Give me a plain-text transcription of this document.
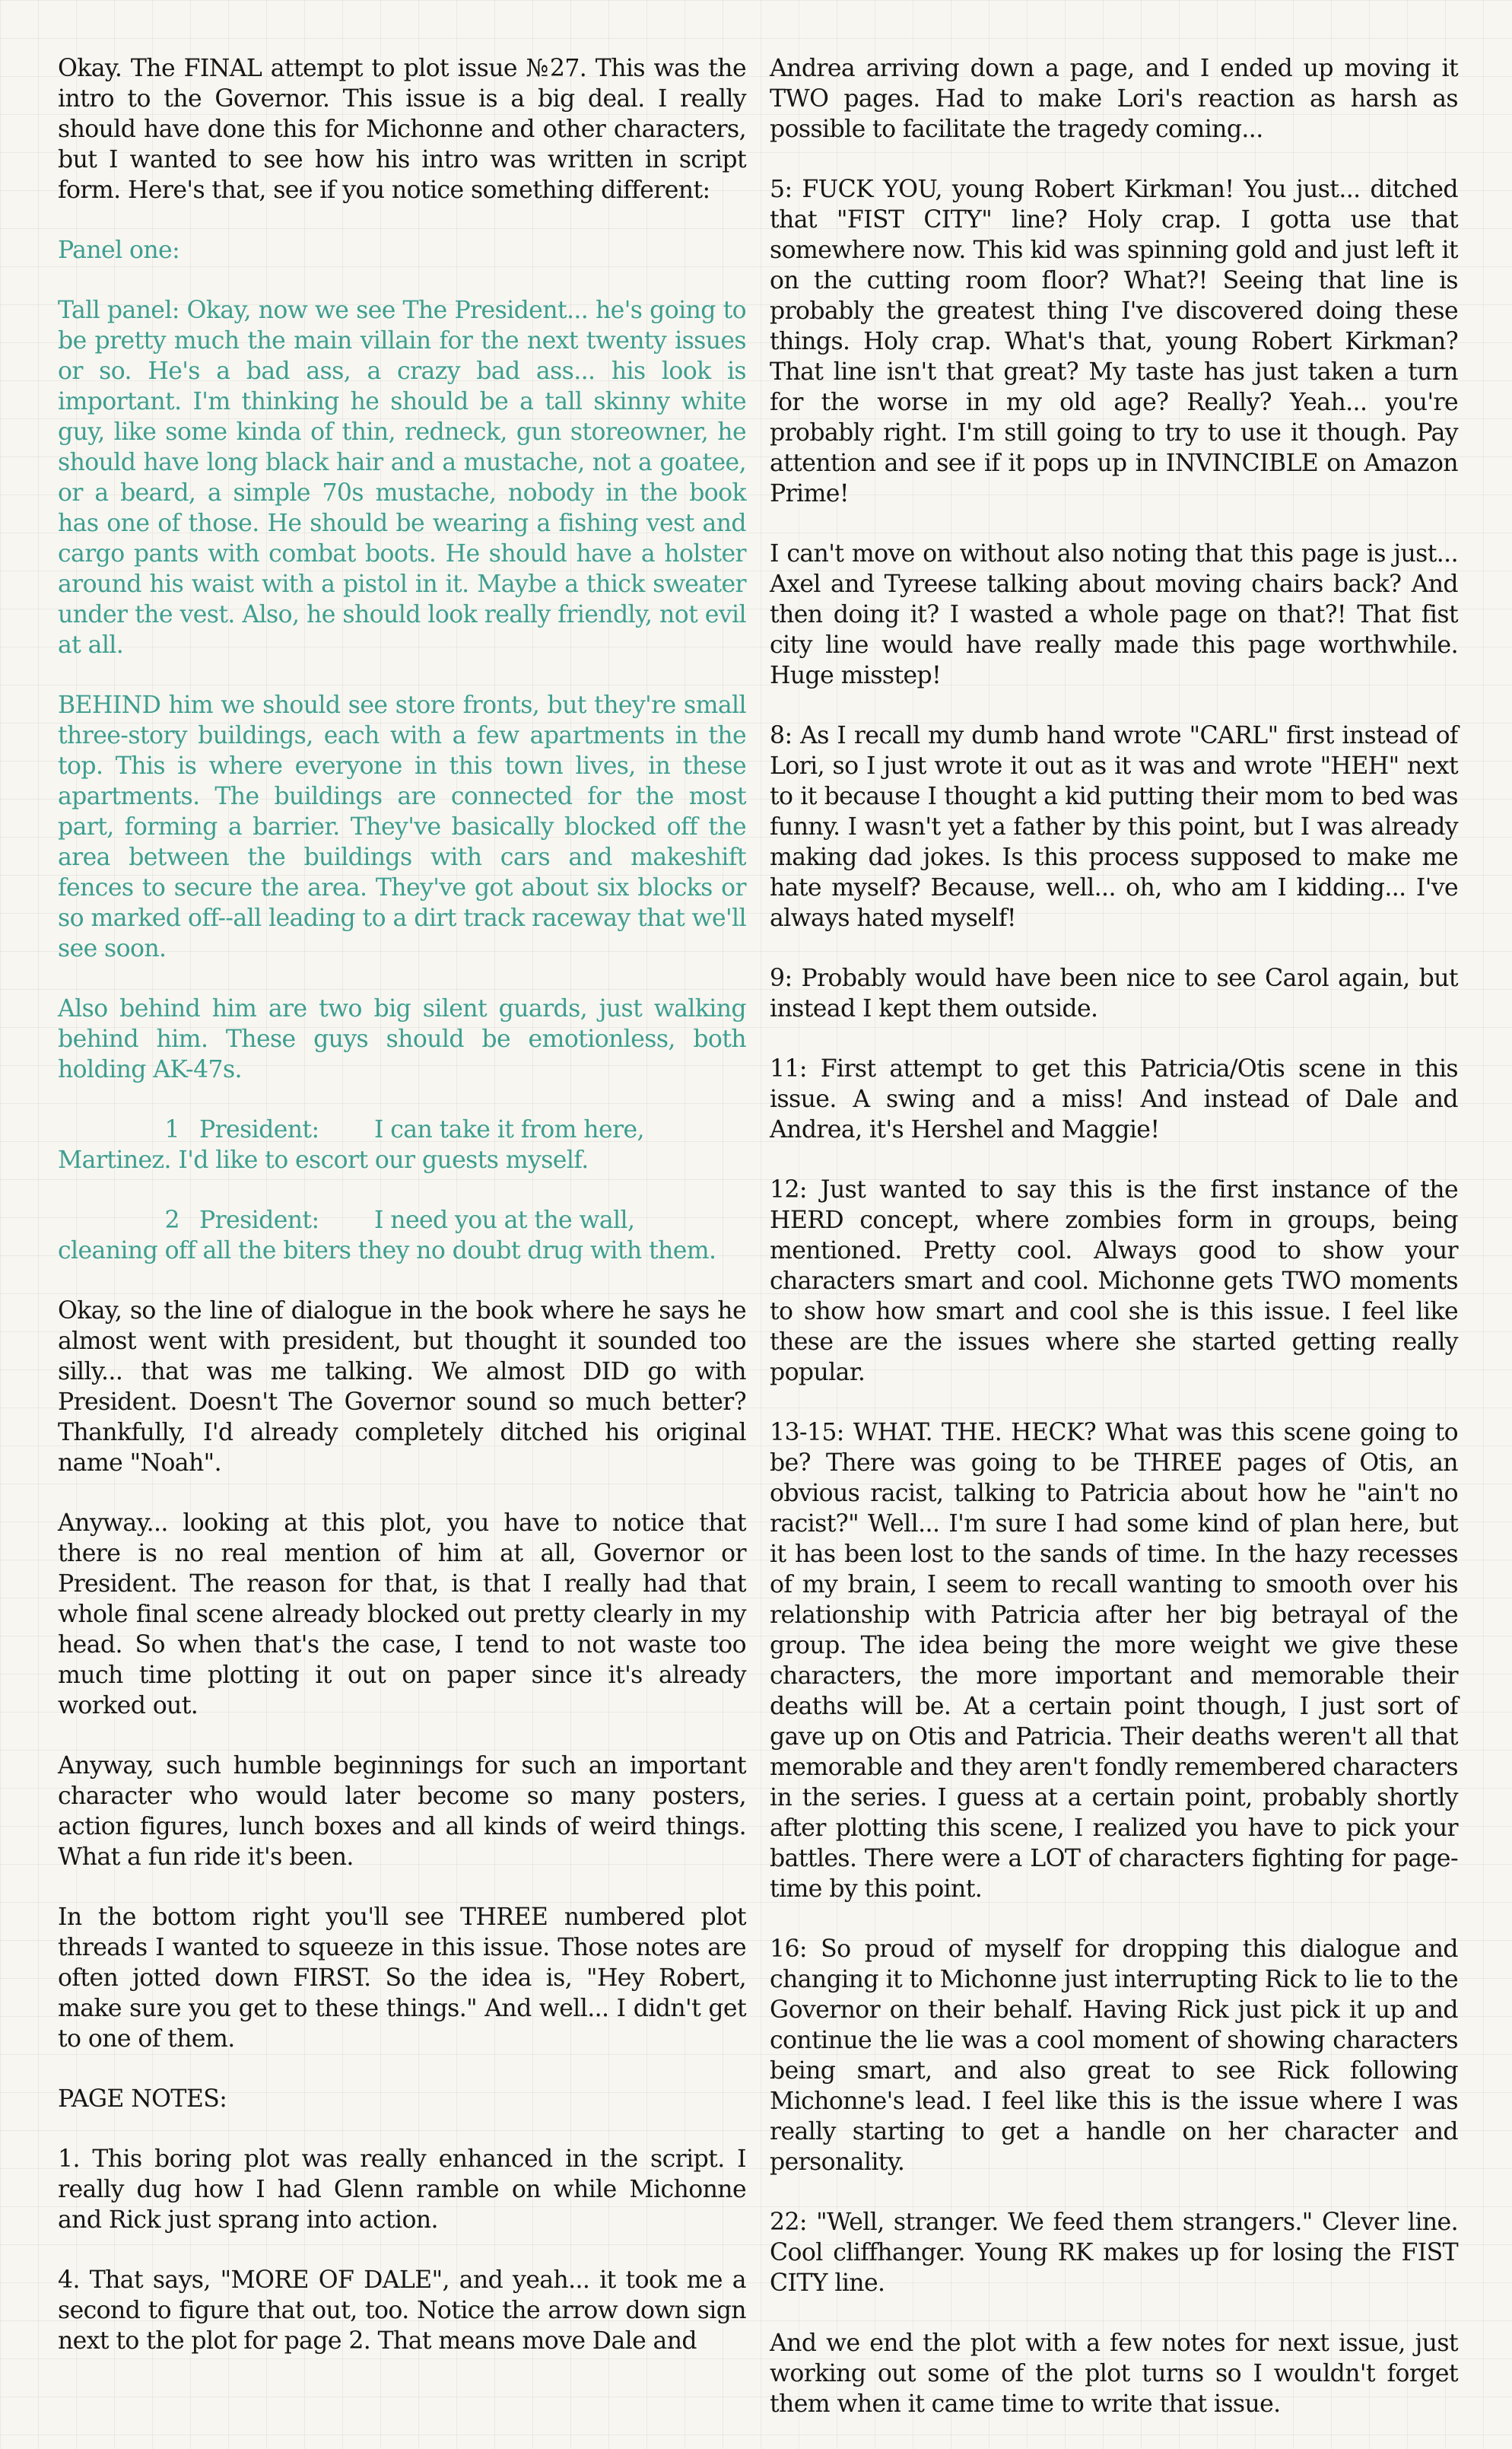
Okay. The FINAL attempt to plot issue №27. This was the intro to the Governor. This issue is a big deal. I really should have done this for Michonne and other characters, but I wanted to see how his intro was written in script form. Here's that, see if you notice something different:

Panel one:

Tall panel: Okay, now we see The President... he's going to be pretty much the main villain for the next twenty issues or so. He's a bad ass, a crazy bad ass... his look is important. I'm thinking he should be a tall skinny white guy, like some kinda of thin, redneck, gun storeowner, he should have long black hair and a mustache, not a goatee, or a beard, a simple 70s mustache, nobody in the book has one of those. He should be wearing a fishing vest and cargo pants with combat boots. He should have a holster around his waist with a pistol in it. Maybe a thick sweater under the vest. Also, he should look really friendly, not evil at all.

BEHIND him we should see store fronts, but they're small three-story buildings, each with a few apartments in the top. This is where everyone in this town lives, in these apartments. The buildings are connected for the most part, forming a barrier. They've basically blocked off the area between the buildings with cars and makeshift fences to secure the area. They've got about six blocks or so marked off--all leading to a dirt track raceway that we'll see soon.

Also behind him are two big silent guards, just walking behind him. These guys should be emotionless, both holding AK-47s.

1 President: I can take it from here,
Martinez. I'd like to escort our guests myself.
2 President: I need you at the wall,
cleaning off all the biters they no doubt drug with them.

Okay, so the line of dialogue in the book where he says he almost went with president, but thought it sounded too silly... that was me talking. We almost DID go with President. Doesn't The Governor sound so much better? Thankfully, I'd already completely ditched his original name "Noah".

Anyway... looking at this plot, you have to notice that there is no real mention of him at all, Governor or President. The reason for that, is that I really had that whole final scene already blocked out pretty clearly in my head. So when that's the case, I tend to not waste too much time plotting it out on paper since it's already worked out.

Anyway, such humble beginnings for such an important character who would later become so many posters, action figures, lunch boxes and all kinds of weird things. What a fun ride it's been.

In the bottom right you'll see THREE numbered plot threads I wanted to squeeze in this issue. Those notes are often jotted down FIRST. So the idea is, "Hey Robert, make sure you get to these things." And well... I didn't get to one of them.

PAGE NOTES:

1. This boring plot was really enhanced in the script. I really dug how I had Glenn ramble on while Michonne and Rick just sprang into action.

4. That says, "MORE OF DALE", and yeah... it took me a second to figure that out, too. Notice the arrow down sign next to the plot for page 2. That means move Dale and

Andrea arriving down a page, and I ended up moving it TWO pages. Had to make Lori's reaction as harsh as possible to facilitate the tragedy coming...

5: FUCK YOU, young Robert Kirkman! You just... ditched that "FIST CITY" line? Holy crap. I gotta use that somewhere now. This kid was spinning gold and just left it on the cutting room floor? What?! Seeing that line is probably the greatest thing I've discovered doing these things. Holy crap. What's that, young Robert Kirkman? That line isn't that great? My taste has just taken a turn for the worse in my old age? Really? Yeah... you're probably right. I'm still going to try to use it though. Pay attention and see if it pops up in INVINCIBLE on Amazon Prime!

I can't move on without also noting that this page is just... Axel and Tyreese talking about moving chairs back? And then doing it? I wasted a whole page on that?! That fist city line would have really made this page worthwhile. Huge misstep!

8: As I recall my dumb hand wrote "CARL" first instead of Lori, so I just wrote it out as it was and wrote "HEH" next to it because I thought a kid putting their mom to bed was funny. I wasn't yet a father by this point, but I was already making dad jokes. Is this process supposed to make me hate myself? Because, well... oh, who am I kidding... I've always hated myself!

9: Probably would have been nice to see Carol again, but instead I kept them outside.

11: First attempt to get this Patricia/Otis scene in this issue. A swing and a miss! And instead of Dale and Andrea, it's Hershel and Maggie!

12: Just wanted to say this is the first instance of the HERD concept, where zombies form in groups, being mentioned. Pretty cool. Always good to show your characters smart and cool. Michonne gets TWO moments to show how smart and cool she is this issue. I feel like these are the issues where she started getting really popular.

13-15: WHAT. THE. HECK? What was this scene going to be? There was going to be THREE pages of Otis, an obvious racist, talking to Patricia about how he "ain't no racist?" Well... I'm sure I had some kind of plan here, but it has been lost to the sands of time. In the hazy recesses of my brain, I seem to recall wanting to smooth over his relationship with Patricia after her big betrayal of the group. The idea being the more weight we give these characters, the more important and memorable their deaths will be. At a certain point though, I just sort of gave up on Otis and Patricia. Their deaths weren't all that memorable and they aren't fondly remembered characters in the series. I guess at a certain point, probably shortly after plotting this scene, I realized you have to pick your battles. There were a LOT of characters fighting for page-time by this point.

16: So proud of myself for dropping this dialogue and changing it to Michonne just interrupting Rick to lie to the Governor on their behalf. Having Rick just pick it up and continue the lie was a cool moment of showing characters being smart, and also great to see Rick following Michonne's lead. I feel like this is the issue where I was really starting to get a handle on her character and personality.

22: "Well, stranger. We feed them strangers." Clever line. Cool cliffhanger. Young RK makes up for losing the FIST CITY line.

And we end the plot with a few notes for next issue, just working out some of the plot turns so I wouldn't forget them when it came time to write that issue.
